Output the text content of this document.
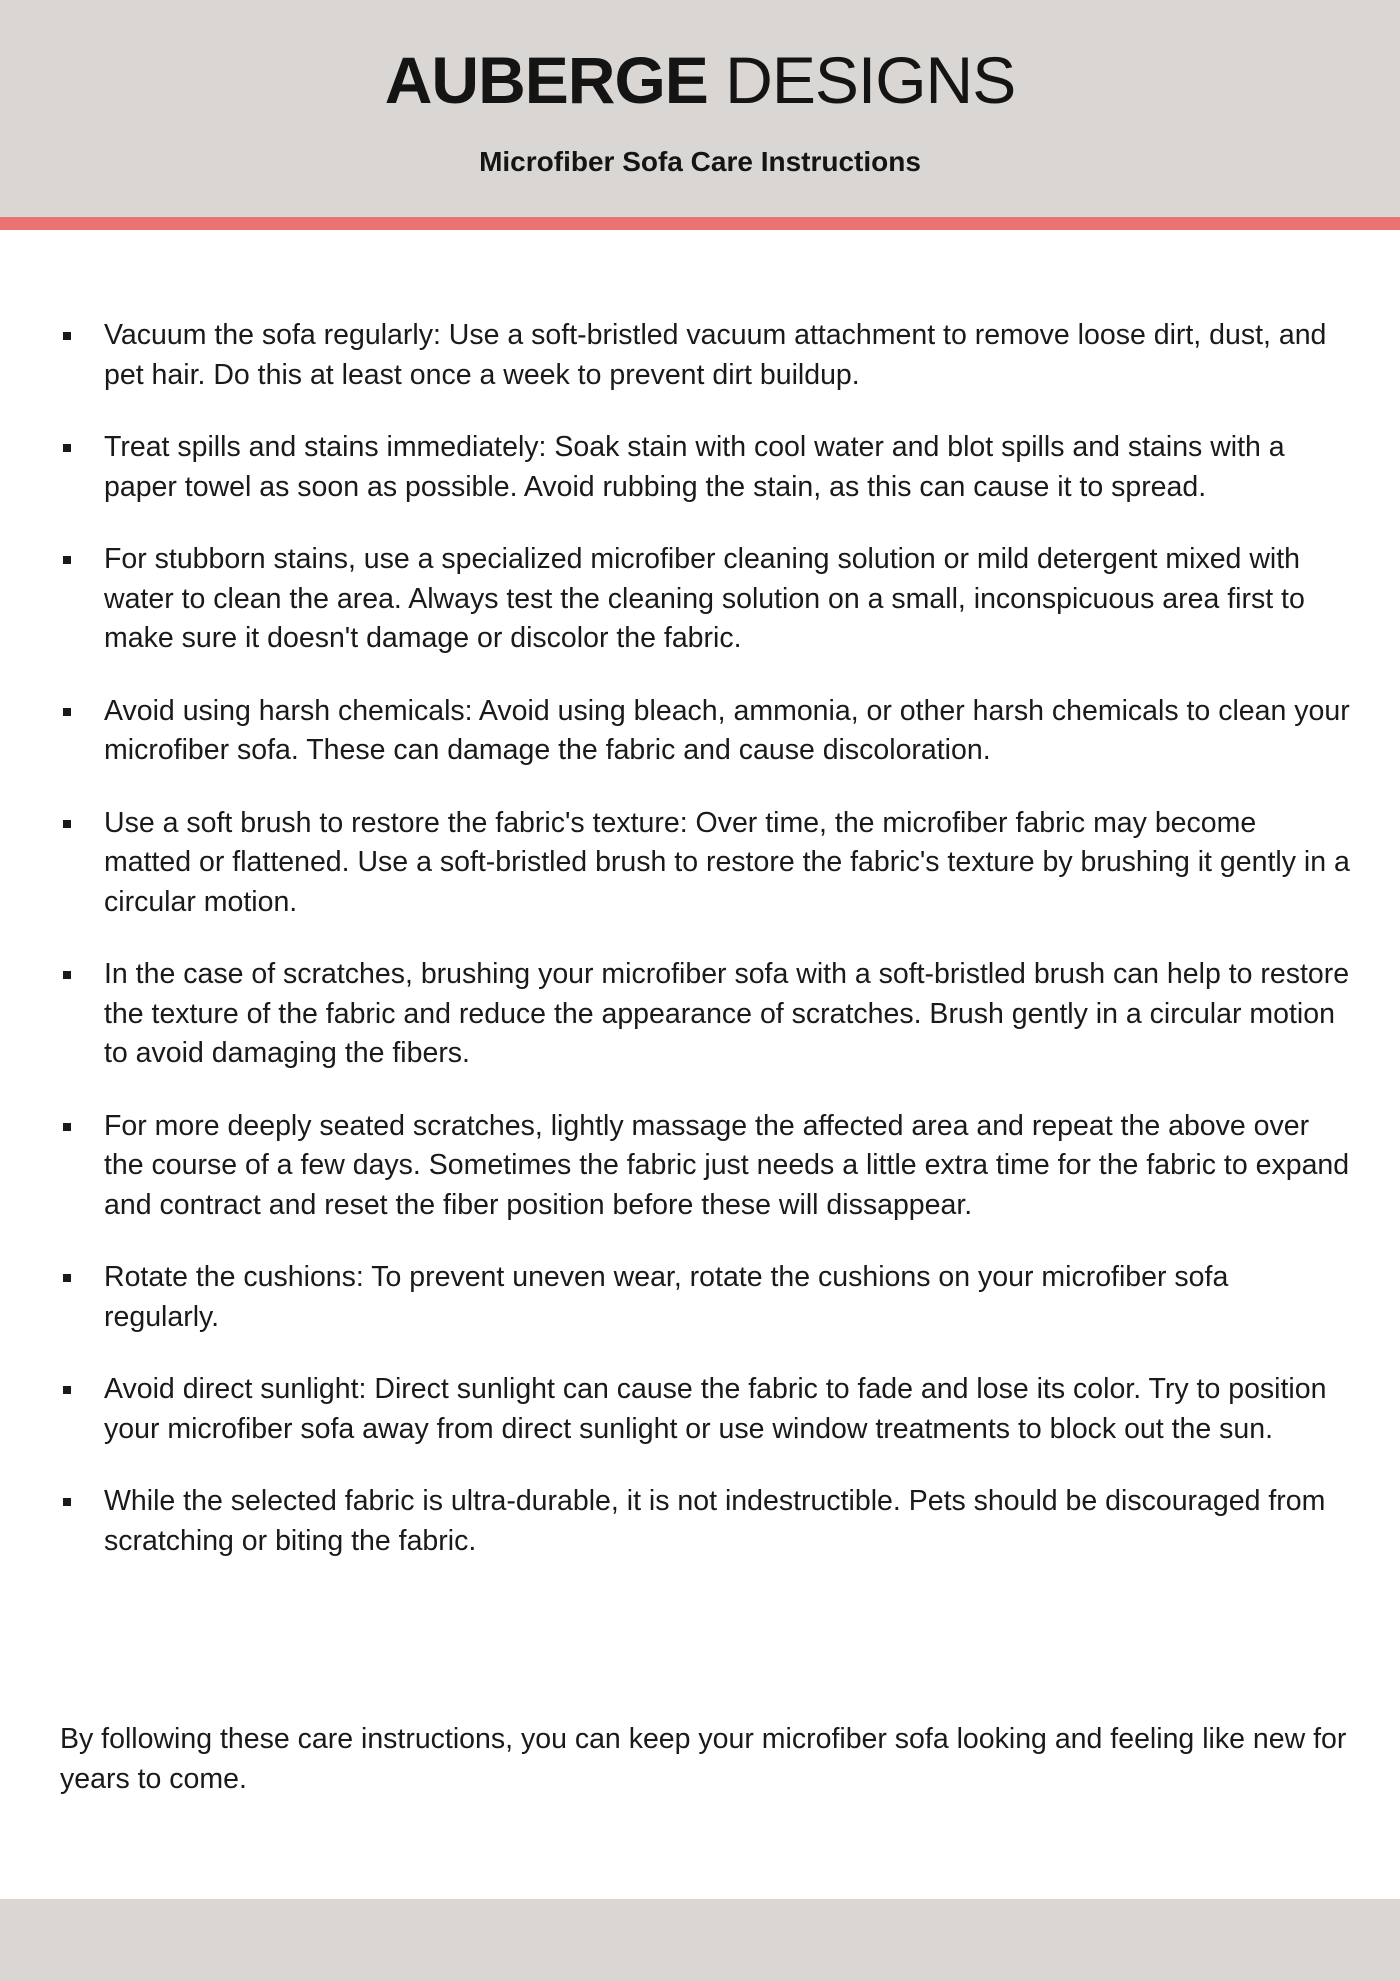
AUBERGE DESIGNS
Microfiber Sofa Care Instructions
Vacuum the sofa regularly: Use a soft-bristled vacuum attachment to remove loose dirt, dust, and pet hair. Do this at least once a week to prevent dirt buildup.
Treat spills and stains immediately: Soak stain with cool water and blot spills and stains with a paper towel as soon as possible. Avoid rubbing the stain, as this can cause it to spread.
For stubborn stains, use a specialized microfiber cleaning solution or mild detergent mixed with water to clean the area. Always test the cleaning solution on a small, inconspicuous area first to make sure it doesn't damage or discolor the fabric.
Avoid using harsh chemicals: Avoid using bleach, ammonia, or other harsh chemicals to clean your microfiber sofa. These can damage the fabric and cause discoloration.
Use a soft brush to restore the fabric's texture: Over time, the microfiber fabric may become matted or flattened. Use a soft-bristled brush to restore the fabric's texture by brushing it gently in a circular motion.
In the case of scratches, brushing your microfiber sofa with a soft-bristled brush can help to restore the texture of the fabric and reduce the appearance of scratches. Brush gently in a circular motion to avoid damaging the fibers.
For more deeply seated scratches, lightly massage the affected area and repeat the above over the course of a few days. Sometimes the fabric just needs a little extra time for the fabric to expand and contract and reset the fiber position before these will dissappear.
Rotate the cushions: To prevent uneven wear, rotate the cushions on your microfiber sofa regularly.
Avoid direct sunlight: Direct sunlight can cause the fabric to fade and lose its color. Try to position your microfiber sofa away from direct sunlight or use window treatments to block out the sun.
While the selected fabric is ultra-durable, it is not indestructible. Pets should be discouraged from scratching or biting the fabric.

By following these care instructions, you can keep your microfiber sofa looking and feeling like new for years to come.
